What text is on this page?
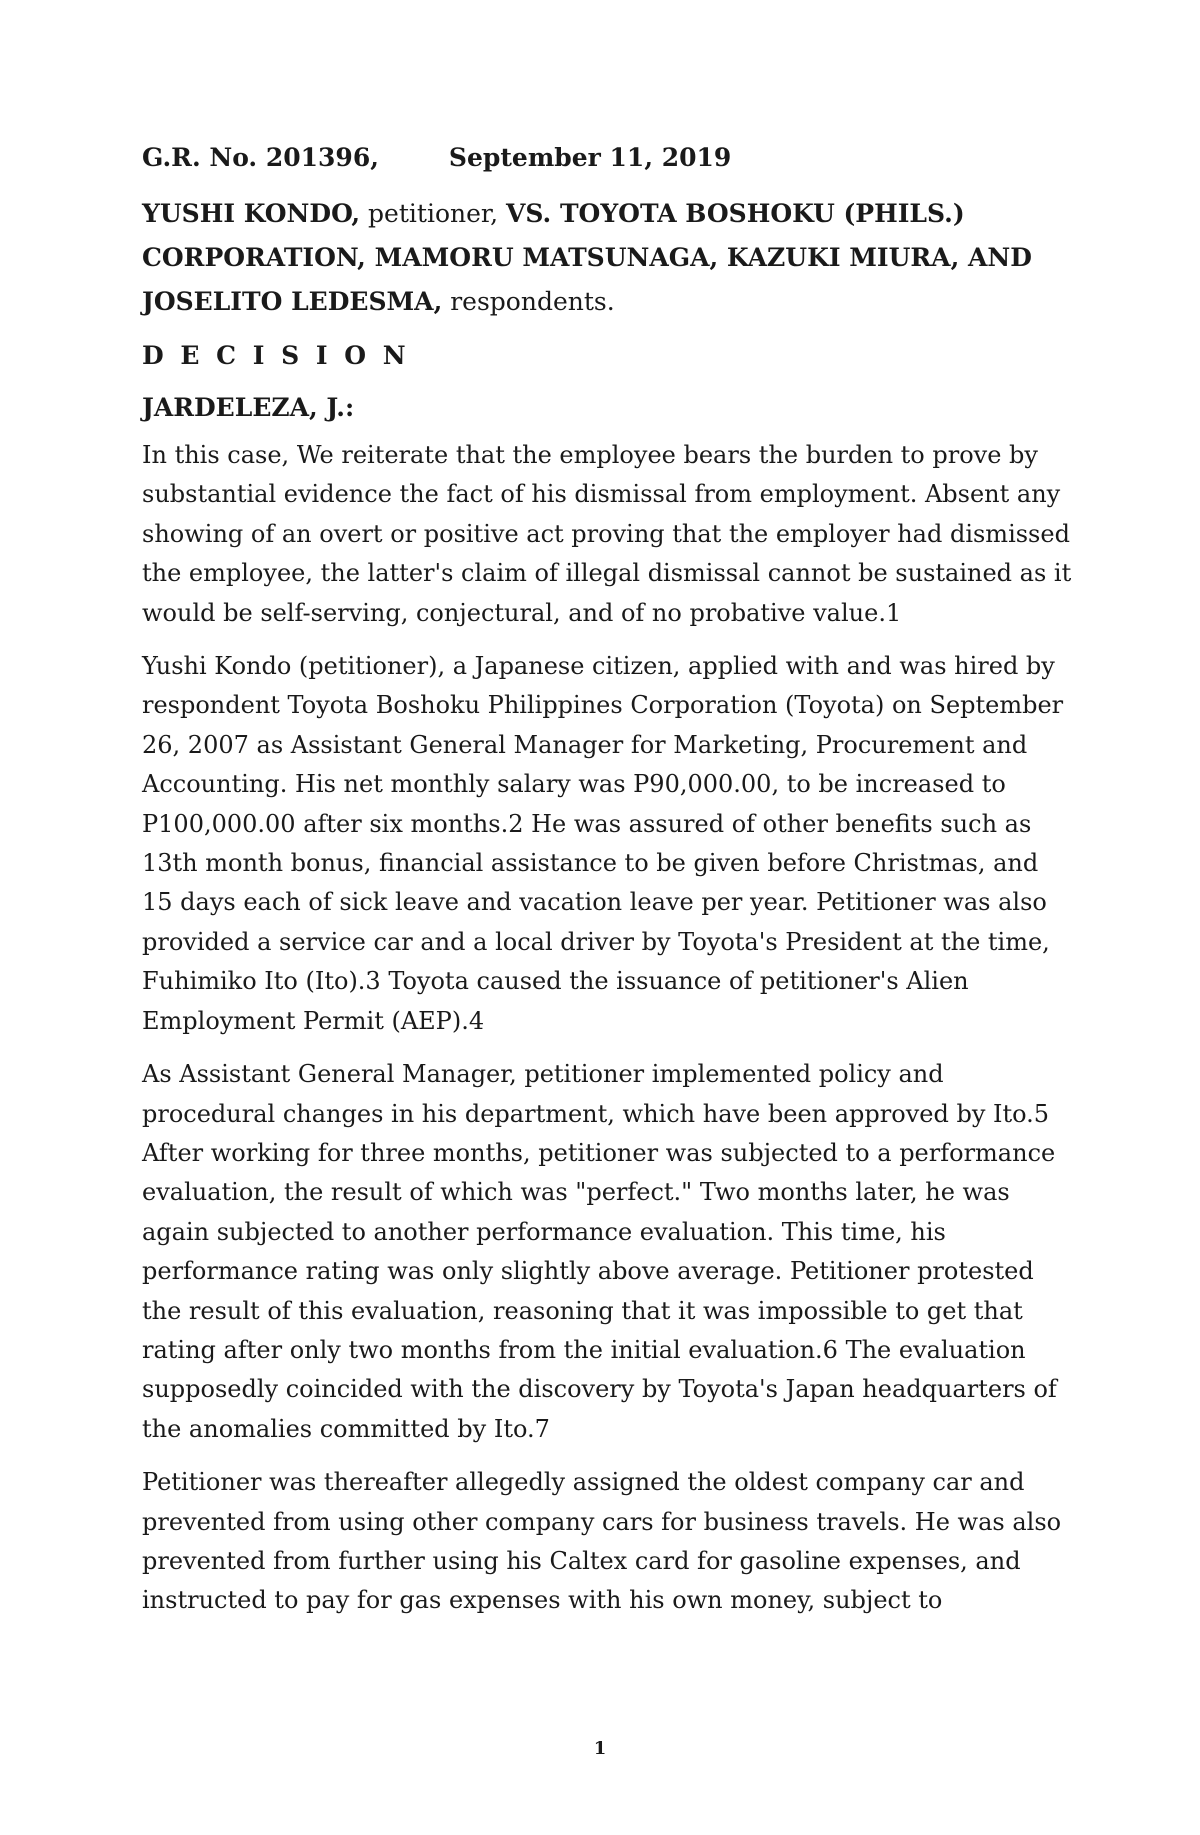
G.R. No. 201396,	September 11, 2019
YUSHI KONDO, petitioner, VS. TOYOTA BOSHOKU (PHILS.) CORPORATION, MAMORU MATSUNAGA, KAZUKI MIURA, AND JOSELITO LEDESMA, respondents.
D E C I S I O N
JARDELEZA, J.:

In this case, We reiterate that the employee bears the burden to prove by substantial evidence the fact of his dismissal from employment. Absent any showing of an overt or positive act proving that the employer had dismissed the employee, the latter's claim of illegal dismissal cannot be sustained as it would be self-serving, conjectural, and of no probative value.1

Yushi Kondo (petitioner), a Japanese citizen, applied with and was hired by respondent Toyota Boshoku Philippines Corporation (Toyota) on September 26, 2007 as Assistant General Manager for Marketing, Procurement and Accounting. His net monthly salary was P90,000.00, to be increased to P100,000.00 after six months.2 He was assured of other benefits such as 13th month bonus, financial assistance to be given before Christmas, and 15 days each of sick leave and vacation leave per year. Petitioner was also provided a service car and a local driver by Toyota's President at the time, Fuhimiko Ito (Ito).3 Toyota caused the issuance of petitioner's Alien Employment Permit (AEP).4

As Assistant General Manager, petitioner implemented policy and procedural changes in his department, which have been approved by Ito.5 After working for three months, petitioner was subjected to a performance evaluation, the result of which was "perfect." Two months later, he was again subjected to another performance evaluation. This time, his performance rating was only slightly above average. Petitioner protested the result of this evaluation, reasoning that it was impossible to get that rating after only two months from the initial evaluation.6 The evaluation supposedly coincided with the discovery by Toyota's Japan headquarters of the anomalies committed by Ito.7

Petitioner was thereafter allegedly assigned the oldest company car and prevented from using other company cars for business travels. He was also prevented from further using his Caltex card for gasoline expenses, and instructed to pay for gas expenses with his own money, subject to

1
